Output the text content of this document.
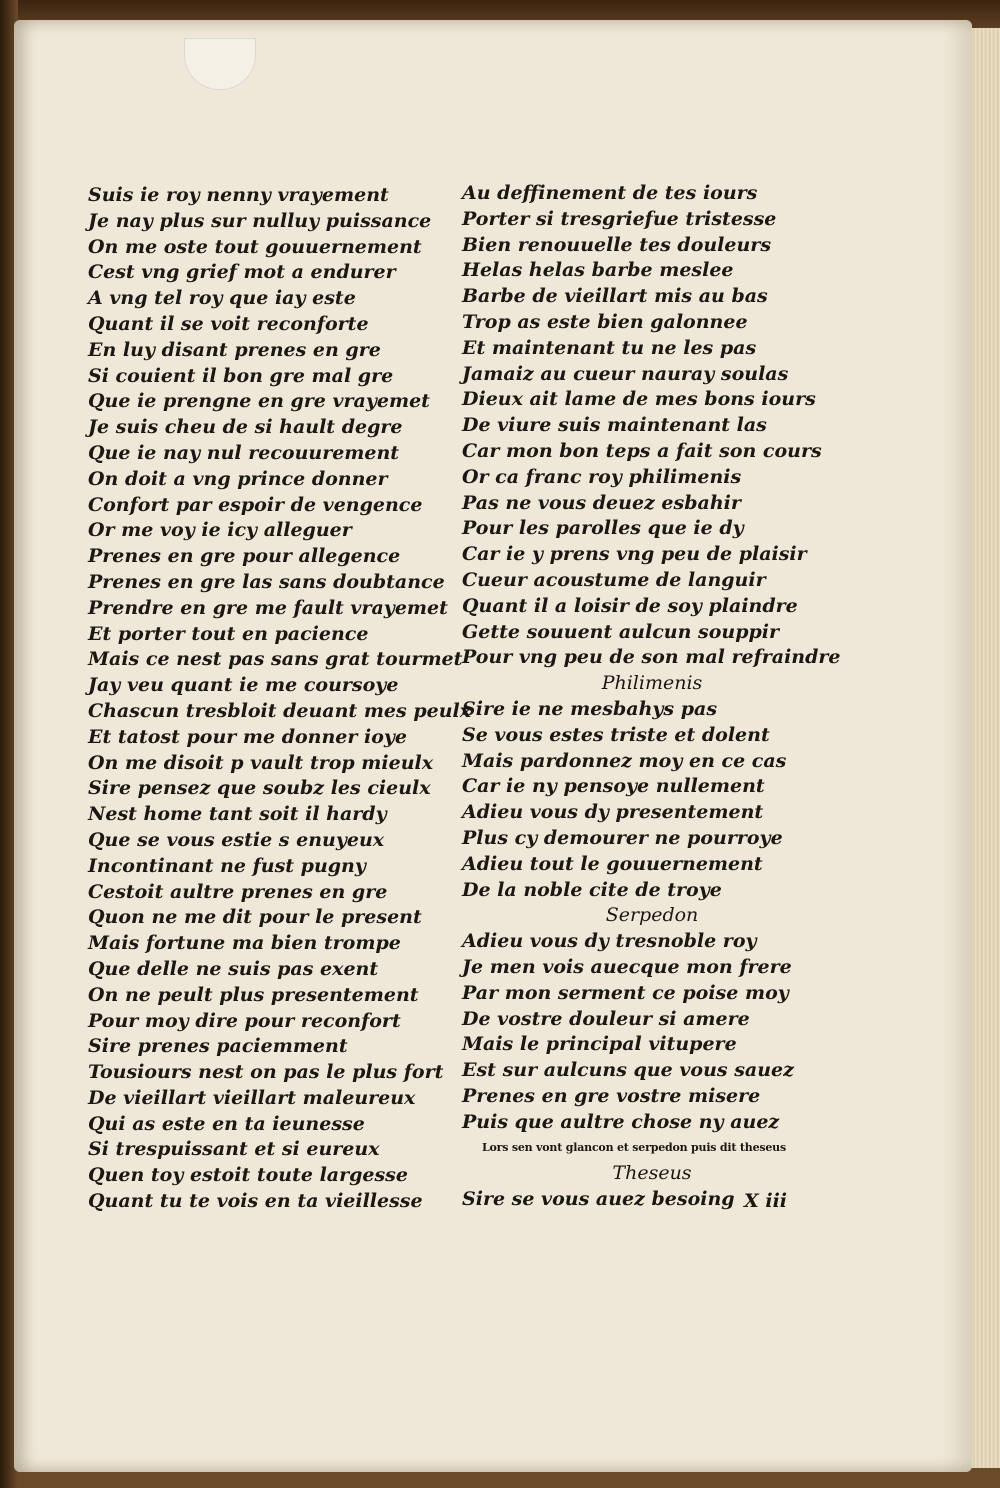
Suis ie roy nenny vrayement
Je nay plus sur nulluy puissance
On me oste tout gouuernement
Cest vng grief mot a endurer
A vng tel roy que iay este
Quant il se voit reconforte
En luy disant prenes en gre
Si couient il bon gre mal gre
Que ie prengne en gre vrayemet
Je suis cheu de si hault degre
Que ie nay nul recouurement
On doit a vng prince donner
Confort par espoir de vengence
Or me voy ie icy alleguer
Prenes en gre pour allegence
Prenes en gre las sans doubtance
Prendre en gre me fault vrayemet
Et porter tout en pacience
Mais ce nest pas sans grat tourmet
Jay veu quant ie me coursoye
Chascun tresbloit deuant mes peulx
Et tatost pour me donner ioye
On me disoit p vault trop mieulx
Sire pensez que soubz les cieulx
Nest home tant soit il hardy
Que se vous estie s enuyeux
Incontinant ne fust pugny
Cestoit aultre prenes en gre
Quon ne me dit pour le present
Mais fortune ma bien trompe
Que delle ne suis pas exent
On ne peult plus presentement
Pour moy dire pour reconfort
Sire prenes paciemment
Tousiours nest on pas le plus fort
De vieillart vieillart maleureux
Qui as este en ta ieunesse
Si trespuissant et si eureux
Quen toy estoit toute largesse
Quant tu te vois en ta vieillesse
Au deffinement de tes iours
Porter si tresgriefue tristesse
Bien renouuelle tes douleurs
Helas helas barbe meslee
Barbe de vieillart mis au bas
Trop as este bien galonnee
Et maintenant tu ne les pas
Jamaiz au cueur nauray soulas
Dieux ait lame de mes bons iours
De viure suis maintenant las
Car mon bon teps a fait son cours
Or ca franc roy philimenis
Pas ne vous deuez esbahir
Pour les parolles que ie dy
Car ie y prens vng peu de plaisir
Cueur acoustume de languir
Quant il a loisir de soy plaindre
Gette souuent aulcun souppir
Pour vng peu de son mal refraindre
Philimenis
Sire ie ne mesbahys pas
Se vous estes triste et dolent
Mais pardonnez moy en ce cas
Car ie ny pensoye nullement
Adieu vous dy presentement
Plus cy demourer ne pourroye
Adieu tout le gouuernement
De la noble cite de troye
Serpedon
Adieu vous dy tresnoble roy
Je men vois auecque mon frere
Par mon serment ce poise moy
De vostre douleur si amere
Mais le principal vitupere
Est sur aulcuns que vous sauez
Prenes en gre vostre misere
Puis que aultre chose ny auez
Lors sen vont glancon et serpedon puis dit theseus
Theseus
Sire se vous auez besoing X iii
